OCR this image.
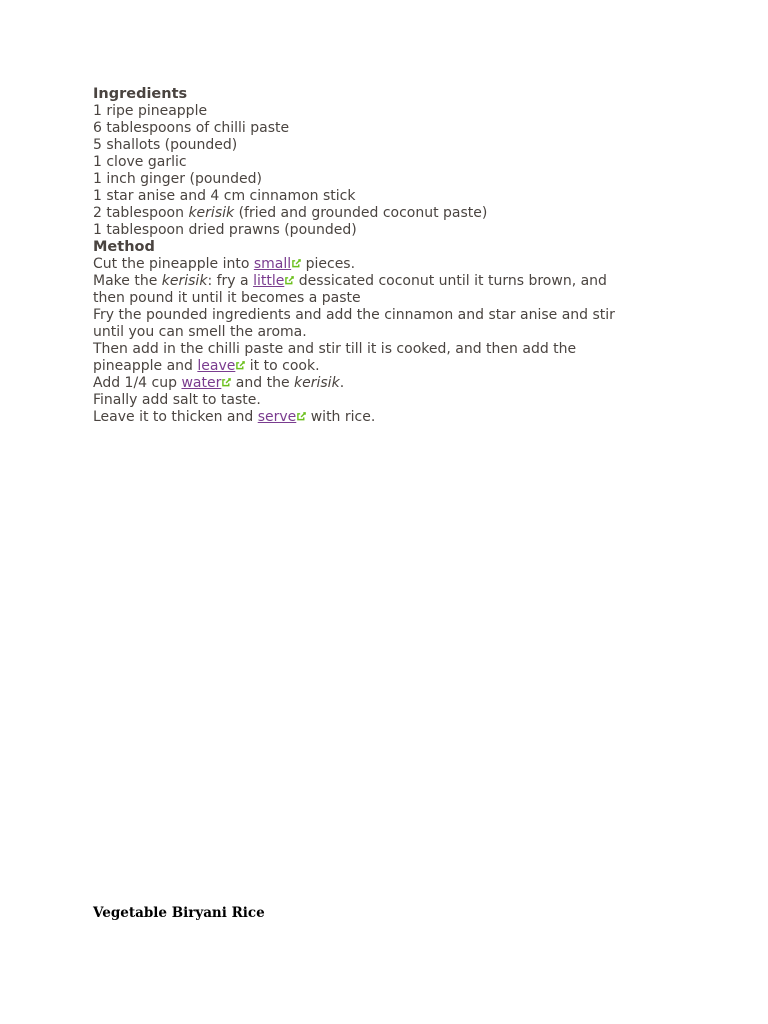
Ingredients

1 ripe pineapple

6 tablespoons of chilli paste

5 shallots (pounded)

1 clove garlic

1 inch ginger (pounded)

1 star anise and 4 cm cinnamon stick

2 tablespoon kerisik (fried and grounded coconut paste)

1 tablespoon dried prawns (pounded)

Method

Cut the pineapple into small pieces.

Make the kerisik: fry a little dessicated coconut until it turns brown, and

then pound it until it becomes a paste

Fry the pounded ingredients and add the cinnamon and star anise and stir

until you can smell the aroma.

Then add in the chilli paste and stir till it is cooked, and then add the

pineapple and leave it to cook.

Add 1/4 cup water and the kerisik.

Finally add salt to taste.

Leave it to thicken and serve with rice.

Vegetable Biryani Rice
